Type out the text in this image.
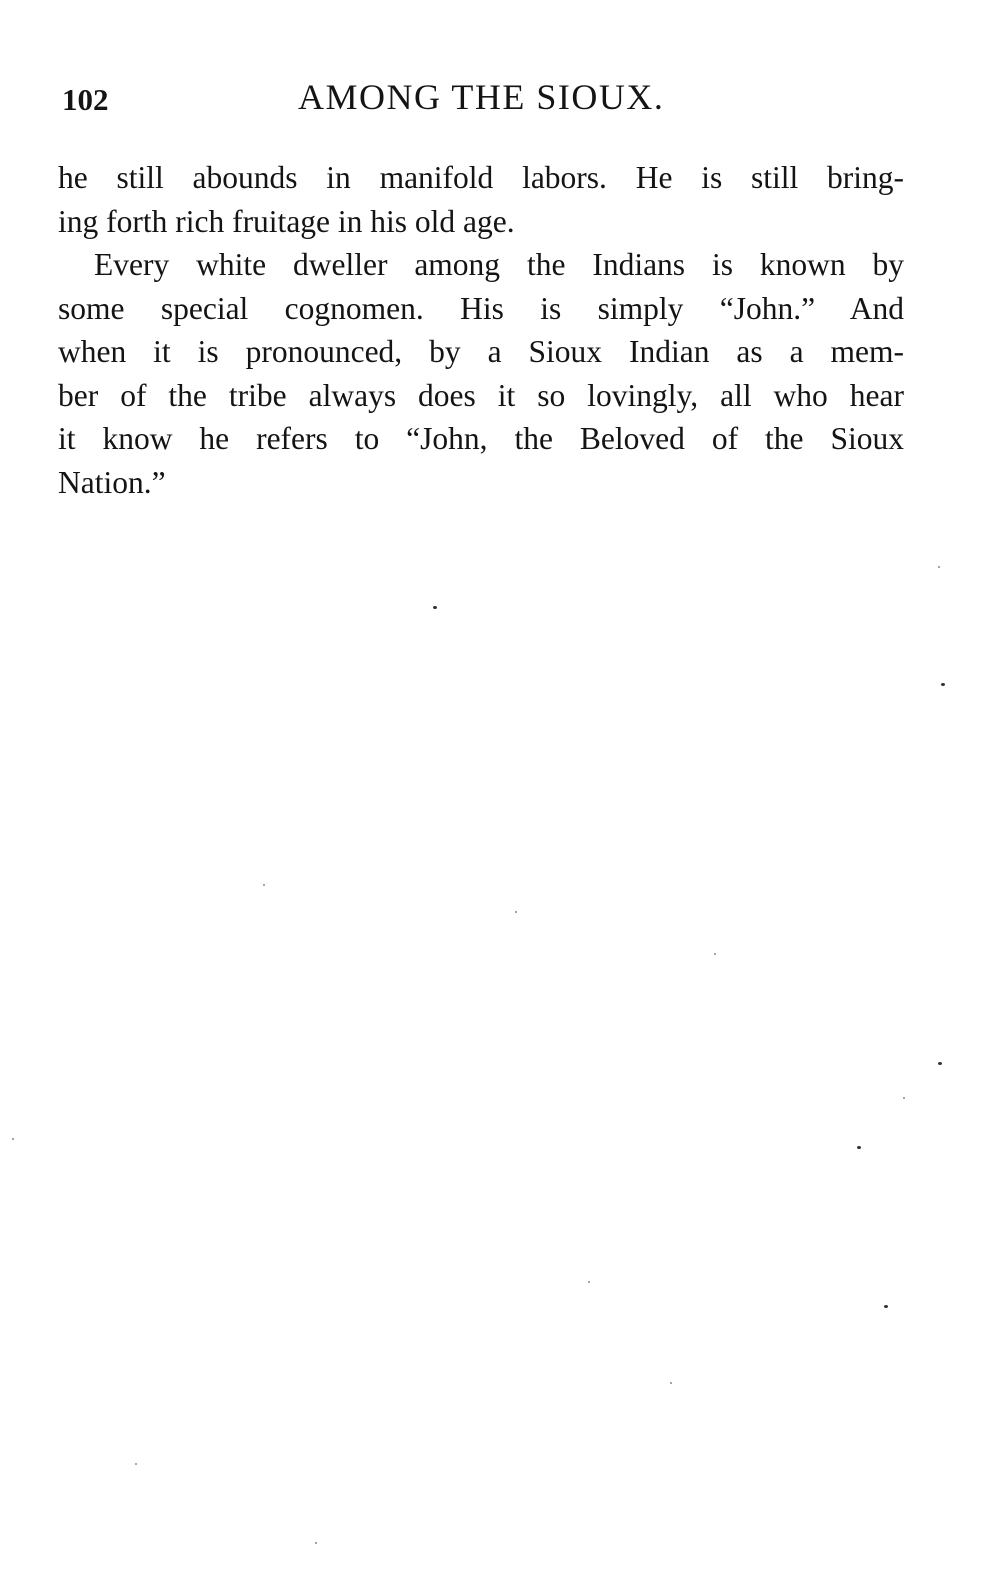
102	AMONG THE SIOUX.
he still abounds in manifold labors. He is still bring-
ing forth rich fruitage in his old age.
Every white dweller among the Indians is known by
some special cognomen. His is simply “John.” And
when it is pronounced, by a Sioux Indian as a mem-
ber of the tribe always does it so lovingly, all who hear
it know he refers to “John, the Beloved of the Sioux
Nation.”
